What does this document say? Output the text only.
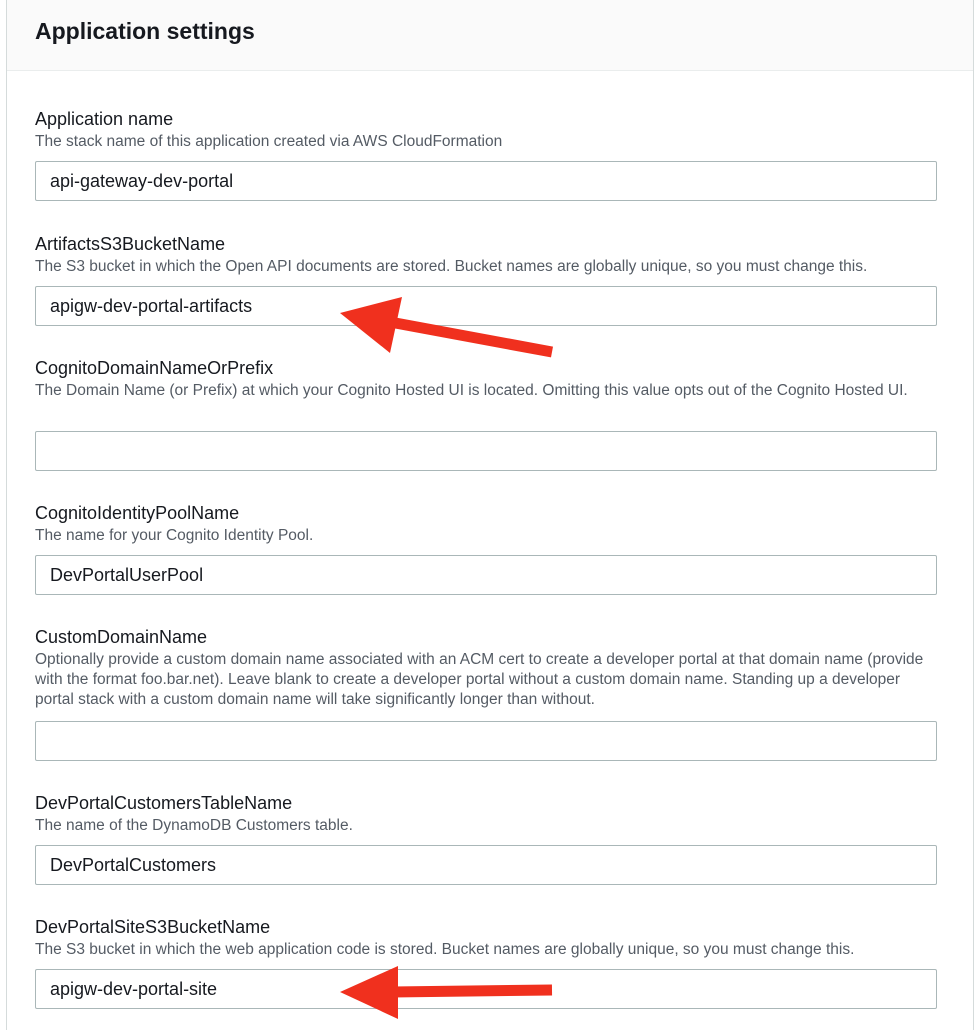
Application settings
Application name
The stack name of this application created via AWS CloudFormation
api-gateway-dev-portal
ArtifactsS3BucketName
The S3 bucket in which the Open API documents are stored. Bucket names are globally unique, so you must change this.
apigw-dev-portal-artifacts
CognitoDomainNameOrPrefix
The Domain Name (or Prefix) at which your Cognito Hosted UI is located. Omitting this value opts out of the Cognito Hosted UI.
CognitoIdentityPoolName
The name for your Cognito Identity Pool.
DevPortalUserPool
CustomDomainName
Optionally provide a custom domain name associated with an ACM cert to create a developer portal at that domain name (provide with the format foo.bar.net). Leave blank to create a developer portal without a custom domain name. Standing up a developer portal stack with a custom domain name will take significantly longer than without.
DevPortalCustomersTableName
The name of the DynamoDB Customers table.
DevPortalCustomers
DevPortalSiteS3BucketName
The S3 bucket in which the web application code is stored. Bucket names are globally unique, so you must change this.
apigw-dev-portal-site
